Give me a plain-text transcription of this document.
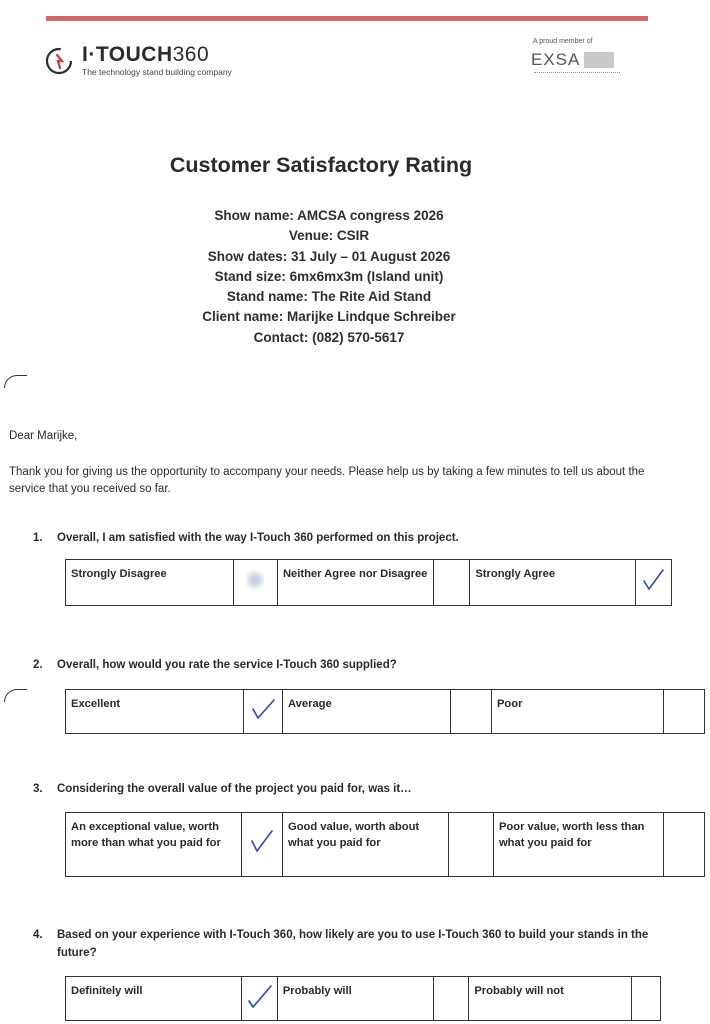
I·TOUCH360
The technology stand building company
A proud member of
EXSA
Customer Satisfactory Rating
Show name: AMCSA congress 2026
Venue: CSIR
Show dates: 31 July – 01 August 2026
Stand size: 6mx6mx3m (Island unit)
Stand name: The Rite Aid Stand
Client name: Marijke Lindque Schreiber
Contact: (082) 570-5617
Dear Marijke,
Thank you for giving us the opportunity to accompany your needs. Please help us by taking a few minutes to tell us about the service that you received so far.
1.	Overall, I am satisfied with the way I-Touch 360 performed on this project.
Strongly Disagree		Neither Agree nor Disagree		Strongly Agree	
2.	Overall, how would you rate the service I-Touch 360 supplied?
Excellent		Average		Poor	
3.	Considering the overall value of the project you paid for, was it…
An exceptional value, worth more than what you paid for		Good value, worth about what you paid for		Poor value, worth less than what you paid for	
4.	Based on your experience with I-Touch 360, how likely are you to use I-Touch 360 to build your stands in the future?
Definitely will		Probably will		Probably will not	
